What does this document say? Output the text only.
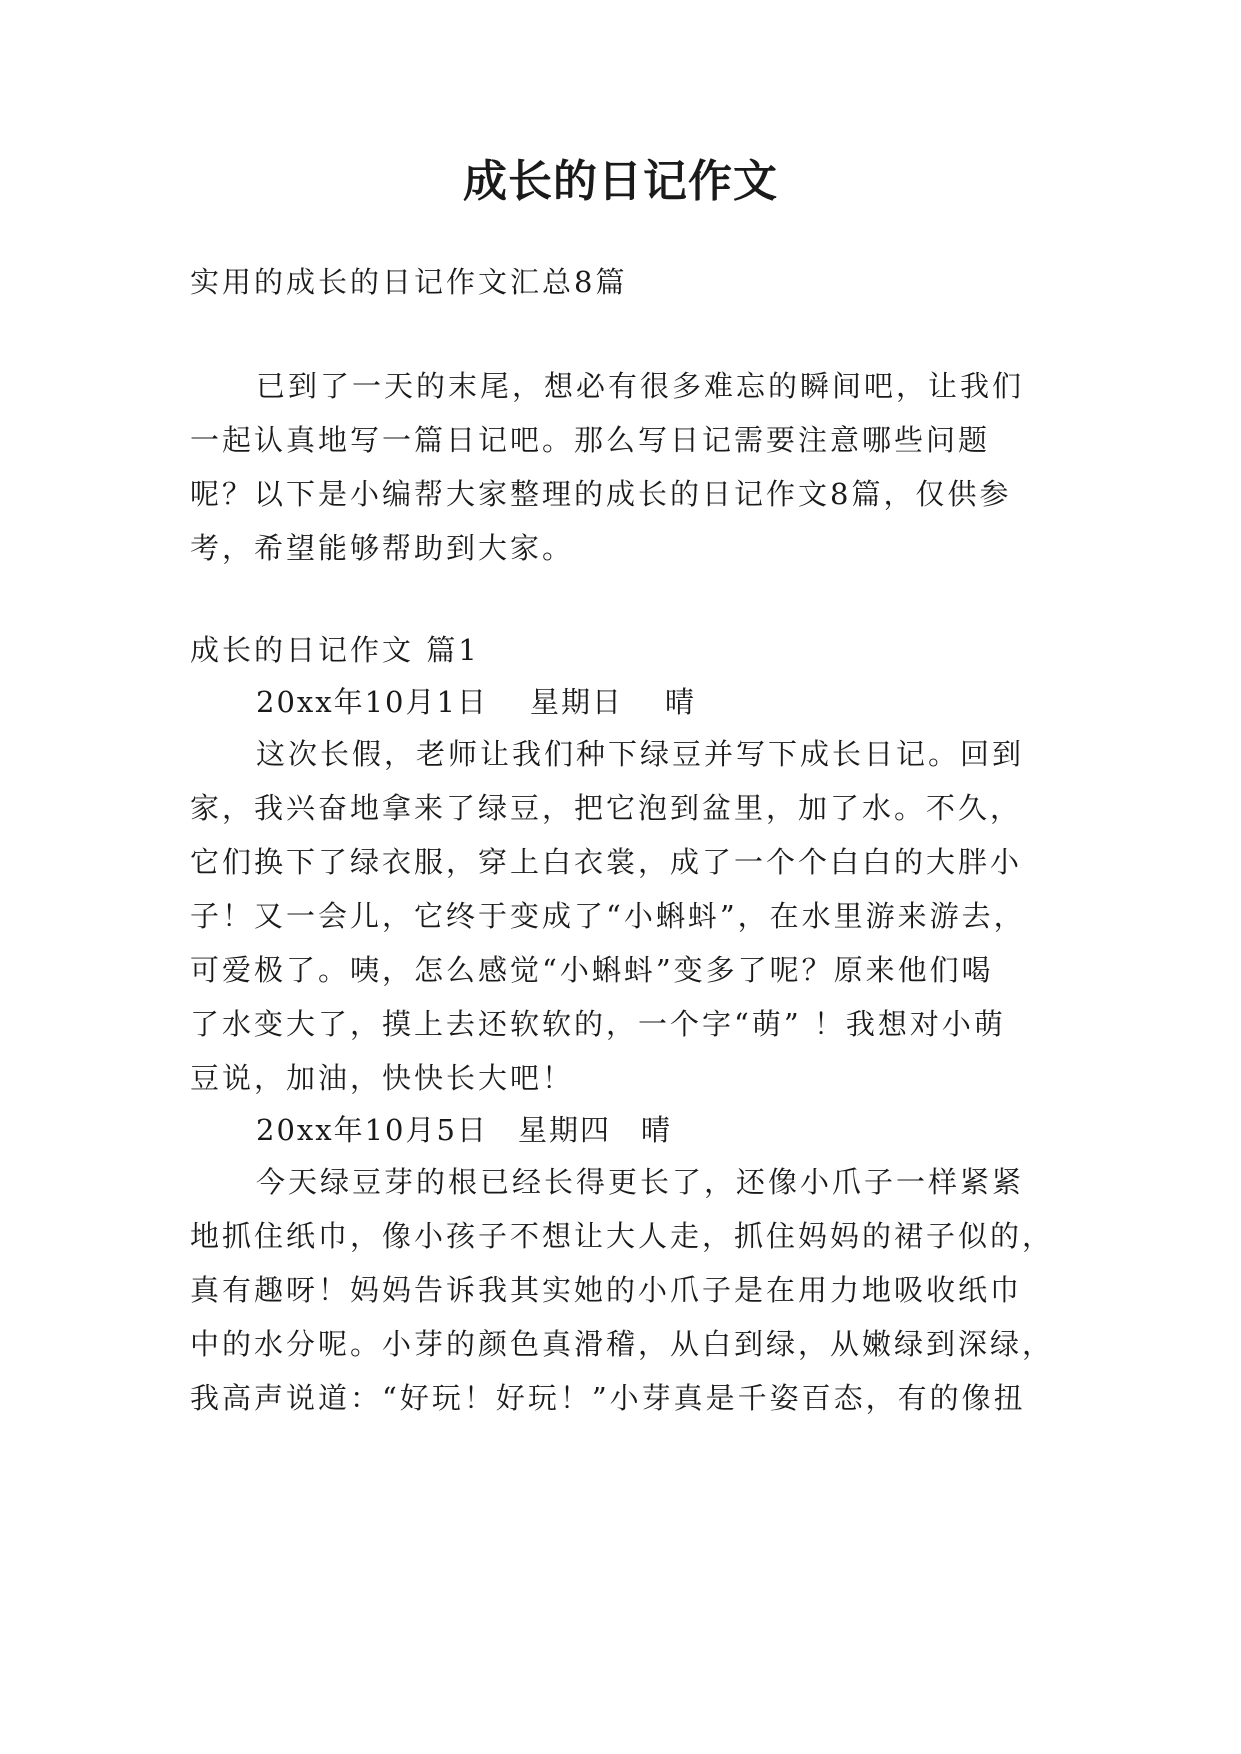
成长的日记作文

实用的成长的日记作文汇总8篇

已到了一天的末尾，想必有很多难忘的瞬间吧，让我们

一起认真地写一篇日记吧。那么写日记需要注意哪些问题

呢？以下是小编帮大家整理的成长的日记作文8篇，仅供参

考，希望能够帮助到大家。

成长的日记作文 篇1

20xx年10月1日 星期日 晴

这次长假，老师让我们种下绿豆并写下成长日记。回到

家，我兴奋地拿来了绿豆，把它泡到盆里，加了水。不久，

它们换下了绿衣服，穿上白衣裳，成了一个个白白的大胖小

子！又一会儿，它终于变成了“小蝌蚪”，在水里游来游去，

可爱极了。咦，怎么感觉“小蝌蚪”变多了呢？原来他们喝

了水变大了，摸上去还软软的，一个字“萌” ！我想对小萌

豆说，加油，快快长大吧！

20xx年10月5日 星期四 晴

今天绿豆芽的根已经长得更长了，还像小爪子一样紧紧

地抓住纸巾，像小孩子不想让大人走，抓住妈妈的裙子似的，

真有趣呀！妈妈告诉我其实她的小爪子是在用力地吸收纸巾

中的水分呢。小芽的颜色真滑稽，从白到绿，从嫩绿到深绿，

我高声说道：“好玩！好玩！”小芽真是千姿百态，有的像扭
